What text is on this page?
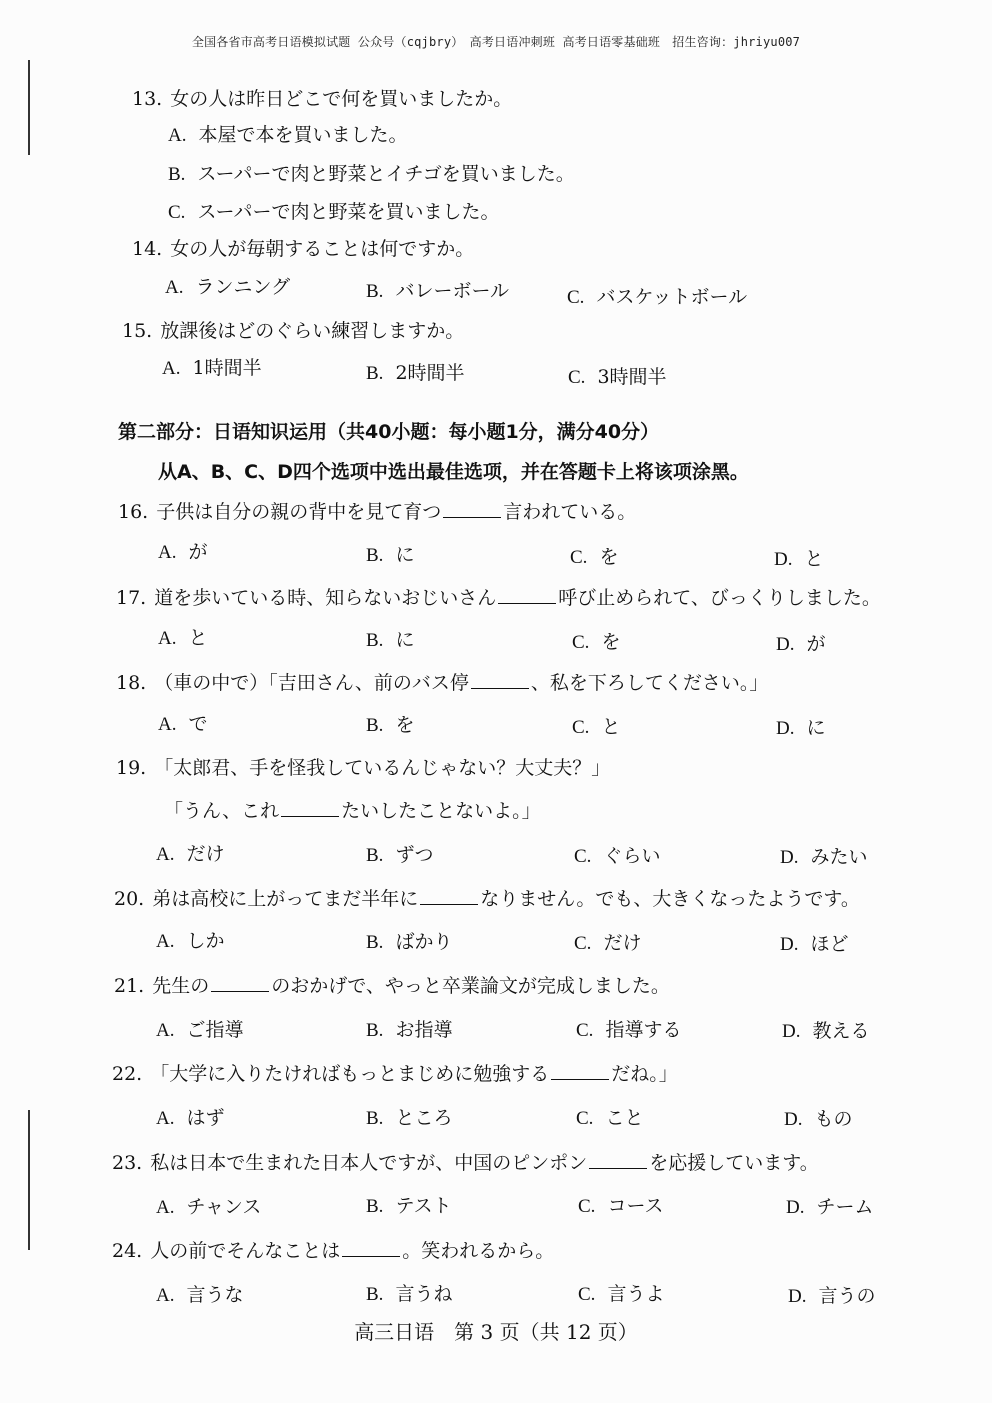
全国各省市高考日语模拟试题 公众号（cqjbry）　高考日语冲刺班 高考日语零基础班　招生咨询：jhriyu007
13. 女の人は昨日どこで何を買いましたか。
A. 本屋で本を買いました。
B. スーパーで肉と野菜とイチゴを買いました。
C. スーパーで肉と野菜を買いました。
14. 女の人が毎朝することは何ですか。
A. ランニング	B. バレーボール	C. バスケットボール
15. 放課後はどのぐらい練習しますか。
A. 1時間半	B. 2時間半	C. 3時間半
第二部分：日语知识运用（共40小题：每小题1分，满分40分）
从A、B、C、D四个选项中选出最佳选项，并在答题卡上将该项涂黑。
16. 子供は自分の親の背中を見て育つ	言われている。
A. が	B. に	C. を	D. と
17. 道を歩いている時、知らないおじいさん	呼び止められて、びっくりしました。
A. と	B. に	C. を	D. が
18. （車の中で）「吉田さん、前のバス停	、私を下ろしてください。」
A. で	B. を	C. と	D. に
19. 「太郎君、手を怪我しているんじゃない？大丈夫？」
「うん、これ	たいしたことないよ。」
A. だけ	B. ずつ	C. ぐらい	D. みたい
20. 弟は高校に上がってまだ半年に	なりません。でも、大きくなったようです。
A. しか	B. ばかり	C. だけ	D. ほど
21. 先生の	のおかげで、やっと卒業論文が完成しました。
A. ご指導	B. お指導	C. 指導する	D. 教える
22. 「大学に入りたければもっとまじめに勉強する	だね。」
A. はず	B. ところ	C. こと	D. もの
23. 私は日本で生まれた日本人ですが、中国のピンポン	を応援しています。
A. チャンス	B. テスト	C. コース	D. チーム
24. 人の前でそんなことは	。笑われるから。
A. 言うな	B. 言うね	C. 言うよ	D. 言うの
高三日语　第 3 页（共 12 页）
